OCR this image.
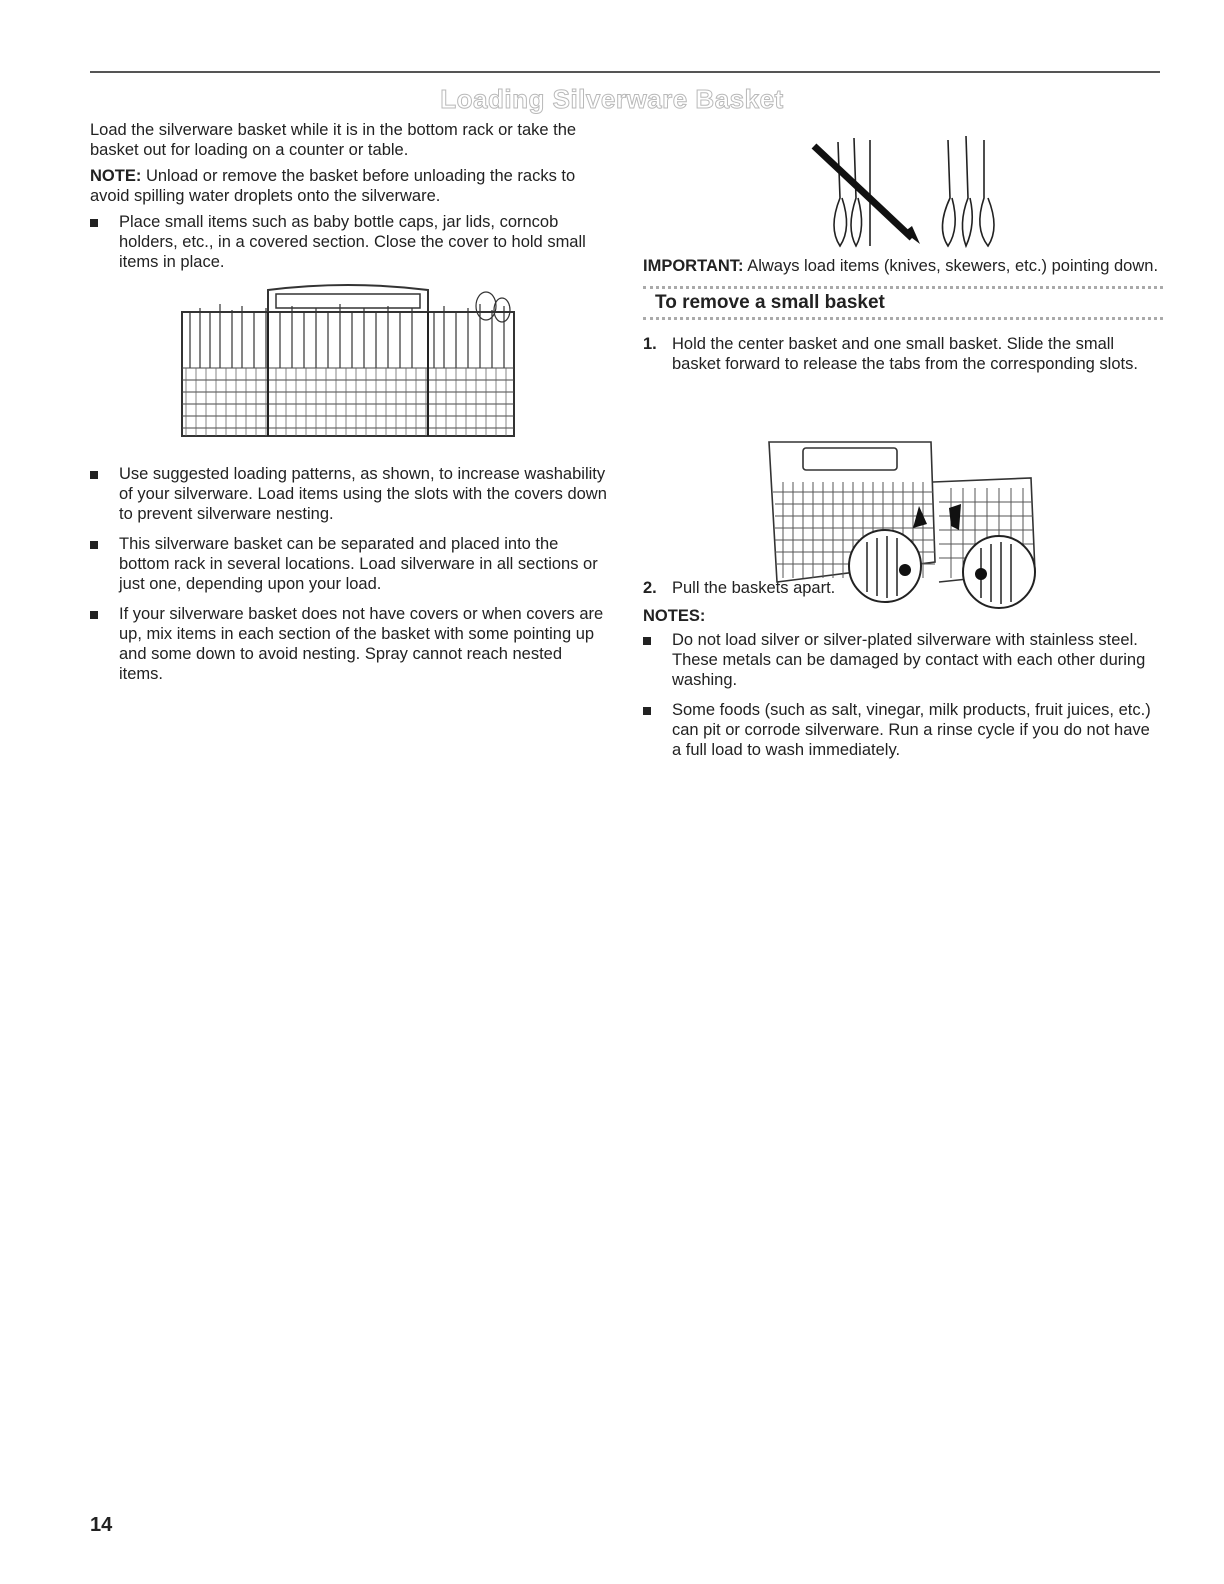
Loading Silverware Basket

Load the silverware basket while it is in the bottom rack or take the basket out for loading on a counter or table.

NOTE: Unload or remove the basket before unloading the racks to avoid spilling water droplets onto the silverware.

Place small items such as baby bottle caps, jar lids, corncob holders, etc., in a covered section. Close the cover to hold small items in place.
Use suggested loading patterns, as shown, to increase washability of your silverware. Load items using the slots with the covers down to prevent silverware nesting.
This silverware basket can be separated and placed into the bottom rack in several locations. Load silverware in all sections or just one, depending upon your load.
If your silverware basket does not have covers or when covers are up, mix items in each section of the basket with some pointing up and some down to avoid nesting. Spray cannot reach nested items.

IMPORTANT: Always load items (knives, skewers, etc.) pointing down.

To remove a small basket
1. Hold the center basket and one small basket. Slide the small basket forward to release the tabs from the corresponding slots.
2. Pull the baskets apart.

NOTES:

Do not load silver or silver-plated silverware with stainless steel. These metals can be damaged by contact with each other during washing.
Some foods (such as salt, vinegar, milk products, fruit juices, etc.) can pit or corrode silverware. Run a rinse cycle if you do not have a full load to wash immediately.
14
